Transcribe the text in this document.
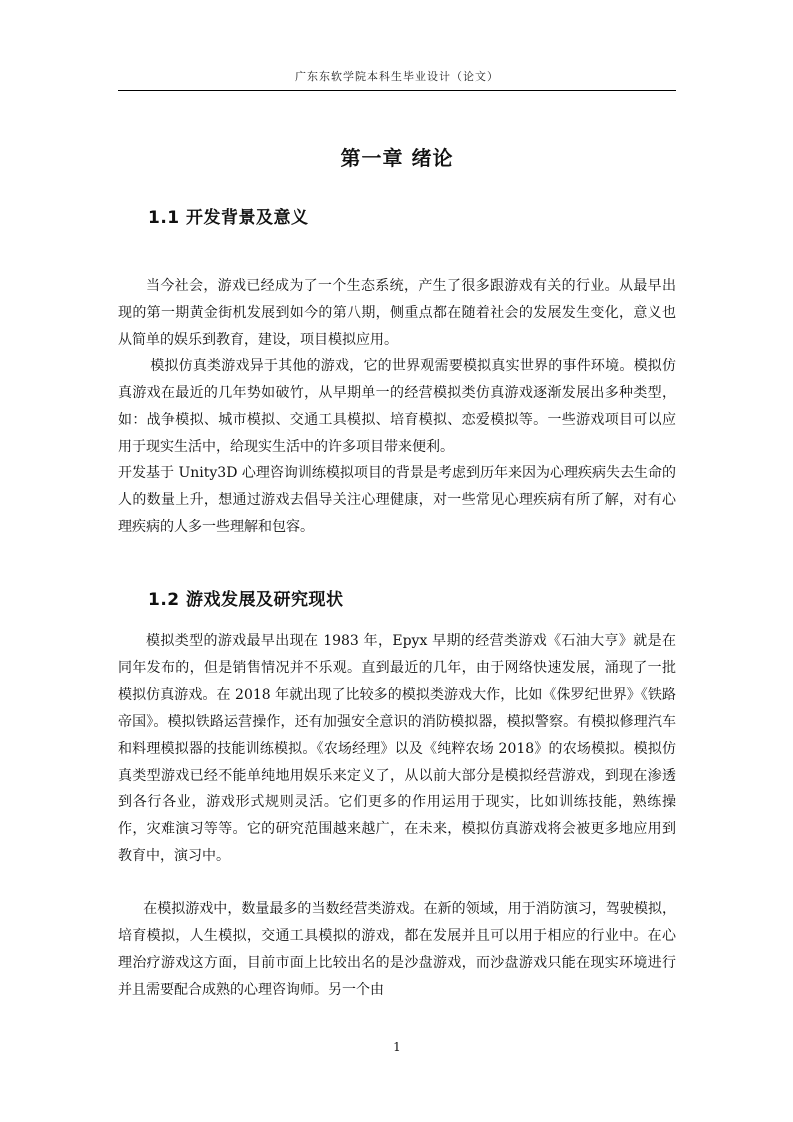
广东东软学院本科生毕业设计（论文）
第一章 绪论
1.1 开发背景及意义

当今社会，游戏已经成为了一个生态系统，产生了很多跟游戏有关的行业。从最早出现的第一期黄金街机发展到如今的第八期，侧重点都在随着社会的发展发生变化，意义也从简单的娱乐到教育，建设，项目模拟应用。

模拟仿真类游戏异于其他的游戏，它的世界观需要模拟真实世界的事件环境。模拟仿真游戏在最近的几年势如破竹，从早期单一的经营模拟类仿真游戏逐渐发展出多种类型，如：战争模拟、城市模拟、交通工具模拟、培育模拟、恋爱模拟等。一些游戏项目可以应用于现实生活中，给现实生活中的许多项目带来便利。

开发基于 Unity3D 心理咨询训练模拟项目的背景是考虑到历年来因为心理疾病失去生命的人的数量上升，想通过游戏去倡导关注心理健康，对一些常见心理疾病有所了解，对有心理疾病的人多一些理解和包容。

1.2 游戏发展及研究现状

模拟类型的游戏最早出现在 1983 年，Epyx 早期的经营类游戏《石油大亨》就是在同年发布的，但是销售情况并不乐观。直到最近的几年，由于网络快速发展，涌现了一批模拟仿真游戏。在 2018 年就出现了比较多的模拟类游戏大作，比如《侏罗纪世界》《铁路帝国》。模拟铁路运营操作，还有加强安全意识的消防模拟器，模拟警察。有模拟修理汽车和料理模拟器的技能训练模拟。《农场经理》以及《纯粹农场 2018》的农场模拟。模拟仿真类型游戏已经不能单纯地用娱乐来定义了，从以前大部分是模拟经营游戏，到现在渗透到各行各业，游戏形式规则灵活。它们更多的作用运用于现实，比如训练技能，熟练操作，灾难演习等等。它的研究范围越来越广，在未来，模拟仿真游戏将会被更多地应用到教育中，演习中。

在模拟游戏中，数量最多的当数经营类游戏。在新的领域，用于消防演习，驾驶模拟，培育模拟，人生模拟，交通工具模拟的游戏，都在发展并且可以用于相应的行业中。在心理治疗游戏这方面，目前市面上比较出名的是沙盘游戏，而沙盘游戏只能在现实环境进行并且需要配合成熟的心理咨询师。另一个由

1
